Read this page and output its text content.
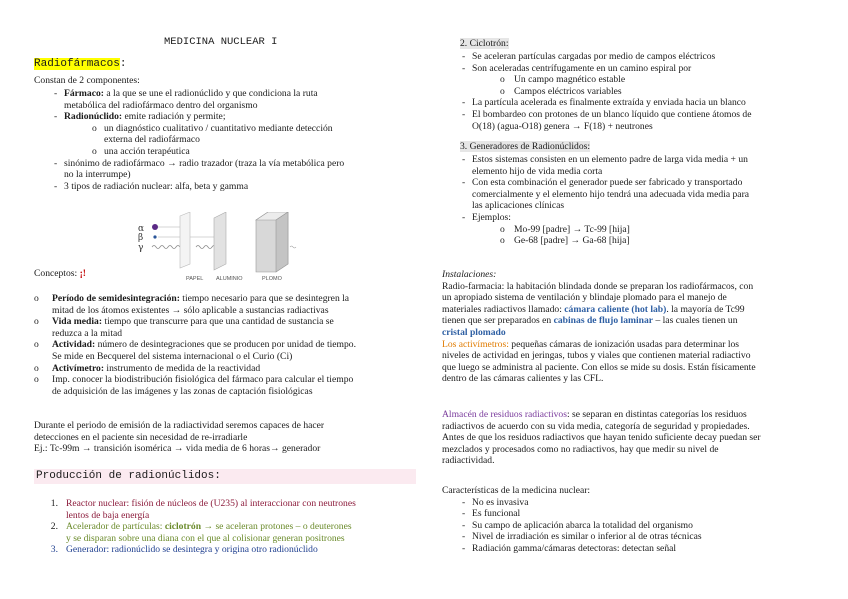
MEDICINA NUCLEAR I
Radiofármacos:
Constan de 2 componentes:
- Fármaco: a la que se une el radionúclido y que condiciona la ruta
metabólica del radiofármaco dentro del organismo
- Radionúclido: emite radiación y permite;
o un diagnóstico cualitativo / cuantitativo mediante detección
externa del radiofármaco
o una acción terapéutica
- sinónimo de radiofármaco → radio trazador (traza la vía metabólica pero
no la interrumpe)
- 3 tipos de radiación nuclear: alfa, beta y gamma
α
β
γ
PAPEL ALUMINIO	PLOMO
Conceptos: ¡!
o	Período de semidesintegración: tiempo necesario para que se desintegren la
mitad de los átomos existentes → sólo aplicable a sustancias radiactivas
o	Vida media: tiempo que transcurre para que una cantidad de sustancia se
reduzca a la mitad
o	Actividad: número de desintegraciones que se producen por unidad de tiempo.
Se mide en Becquerel del sistema internacional o el Curio (Ci)
o	Activímetro: instrumento de medida de la reactividad
o	Imp. conocer la biodistribución fisiológica del fármaco para calcular el tiempo
de adquisición de las imágenes y las zonas de captación fisiológicas
Durante el periodo de emisión de la radiactividad seremos capaces de hacer
detecciones en el paciente sin necesidad de re-irradiarle
Ej.: Tc-99m → transición isomérica → vida media de 6 horas→ generador
Producción de radionúclidos:
1. Reactor nuclear: fisión de núcleos de (U235) al interaccionar con neutrones
lentos de baja energía
2. Acelerador de partículas: ciclotrón → se aceleran protones – o deuterones
y se disparan sobre una diana con el que al colisionar generan positrones
3. Generador: radionúclido se desintegra y origina otro radionúclido
2. Ciclotrón:
- Se aceleran partículas cargadas por medio de campos eléctricos
- Son aceleradas centrífugamente en un camino espiral por
o Un campo magnético estable
o Campos eléctricos variables
- La partícula acelerada es finalmente extraída y enviada hacia un blanco
- El bombardeo con protones de un blanco líquido que contiene átomos de
O(18) (agua-O18) genera → F(18) + neutrones
3. Generadores de Radionúclidos:
- Estos sistemas consisten en un elemento padre de larga vida media + un
elemento hijo de vida media corta
- Con esta combinación el generador puede ser fabricado y transportado
comercialmente y el elemento hijo tendrá una adecuada vida media para
las aplicaciones clínicas
- Ejemplos:
o Mo-99 [padre] → Tc-99 [hija]
o Ge-68 [padre] → Ga-68 [hija]
Instalaciones:
Radio-farmacia: la habitación blindada donde se preparan los radiofármacos, con
un apropiado sistema de ventilación y blindaje plomado para el manejo de
materiales radiactivos llamado: cámara caliente (hot lab). la mayoría de Tc99
tienen que ser preparados en cabinas de flujo laminar – las cuales tienen un
cristal plomado
Los activímetros: pequeñas cámaras de ionización usadas para determinar los
niveles de actividad en jeringas, tubos y viales que contienen material radiactivo
que luego se administra al paciente. Con ellos se mide su dosis. Están físicamente
dentro de las cámaras calientes y las CFL.
Almacén de residuos radiactivos: se separan en distintas categorías los residuos
radiactivos de acuerdo con su vida media, categoría de seguridad y propiedades.
Antes de que los residuos radiactivos que hayan tenido suficiente decay puedan ser
mezclados y procesados como no radiactivos, hay que medir su nivel de
radiactividad.
Características de la medicina nuclear:
- No es invasiva
- Es funcional
- Su campo de aplicación abarca la totalidad del organismo
- Nivel de irradiación es similar o inferior al de otras técnicas
- Radiación gamma/cámaras detectoras: detectan señal
